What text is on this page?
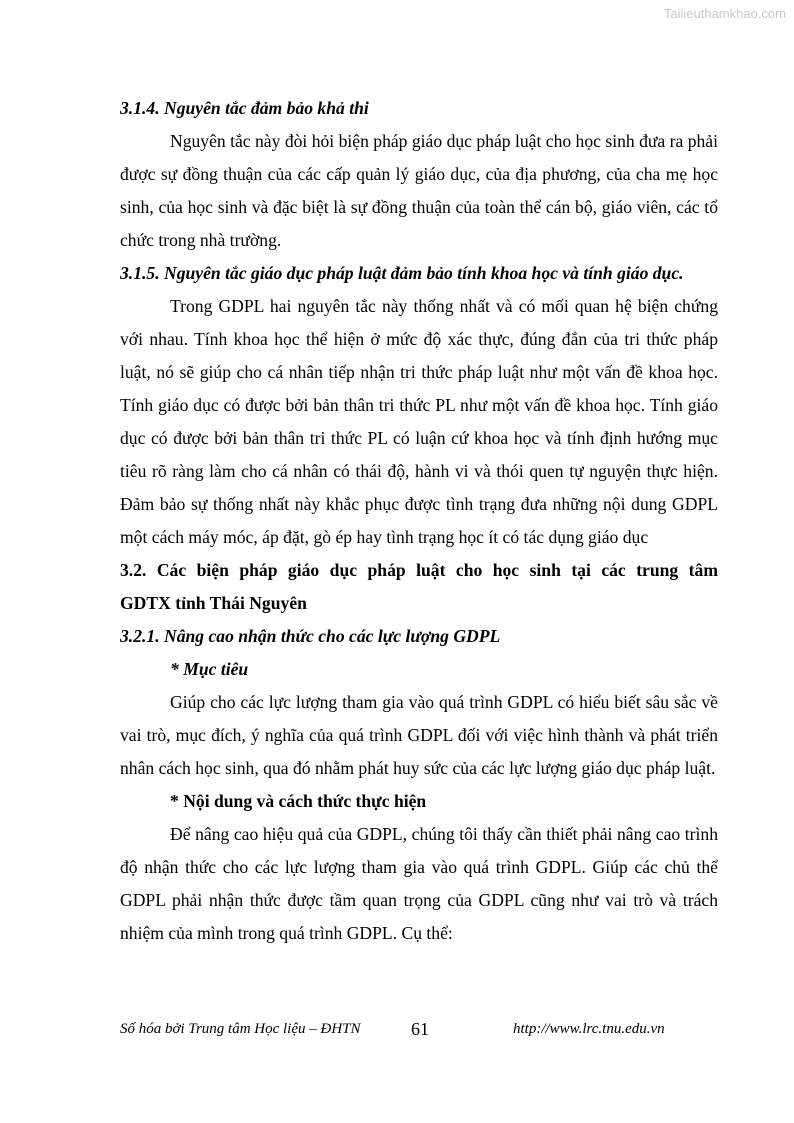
Tailieuthamkhao.com

3.1.4. Nguyên tắc đảm bảo khả thi

Nguyên tắc này đòi hỏi biện pháp giáo dục pháp luật cho học sinh đưa ra phải được sự đồng thuận của các cấp quản lý giáo dục, của địa phương, của cha mẹ học sinh, của học sinh và đặc biệt là sự đồng thuận của toàn thể cán bộ, giáo viên, các tổ chức trong nhà trường.

3.1.5. Nguyên tắc giáo dục pháp luật đảm bảo tính khoa học và tính giáo dục.

Trong GDPL hai nguyên tắc này thống nhất và có mối quan hệ biện chứng với nhau. Tính khoa học thể hiện ở mức độ xác thực, đúng đắn của tri thức pháp luật, nó sẽ giúp cho cá nhân tiếp nhận tri thức pháp luật như một vấn đề khoa học. Tính giáo dục có được bởi bản thân tri thức PL như một vấn đề khoa học. Tính giáo dục có được bởi bản thân tri thức PL có luận cứ khoa học và tính định hướng mục tiêu rõ ràng làm cho cá nhân có thái độ, hành vi và thói quen tự nguyện thực hiện. Đảm bảo sự thống nhất này khắc phục được tình trạng đưa những nội dung GDPL một cách máy móc, áp đặt, gò ép hay tình trạng học ít có tác dụng giáo dục

3.2. Các biện pháp giáo dục pháp luật cho học sinh tại các trung tâm

GDTX tỉnh Thái Nguyên

3.2.1. Nâng cao nhận thức cho các lực lượng GDPL

* Mục tiêu

Giúp cho các lực lượng tham gia vào quá trình GDPL có hiểu biết sâu sắc về vai trò, mục đích, ý nghĩa của quá trình GDPL đối với việc hình thành và phát triển nhân cách học sinh, qua đó nhằm phát huy sức của các lực lượng giáo dục pháp luật.

* Nội dung và cách thức thực hiện

Để nâng cao hiệu quả của GDPL, chúng tôi thấy cần thiết phải nâng cao trình độ nhận thức cho các lực lượng tham gia vào quá trình GDPL. Giúp các chủ thể GDPL phải nhận thức được tầm quan trọng của GDPL cũng như vai trò và trách nhiệm của mình trong quá trình GDPL. Cụ thể:

Số hóa bởi Trung tâm Học liệu – ĐHTN	61	http://www.lrc.tnu.edu.vn
